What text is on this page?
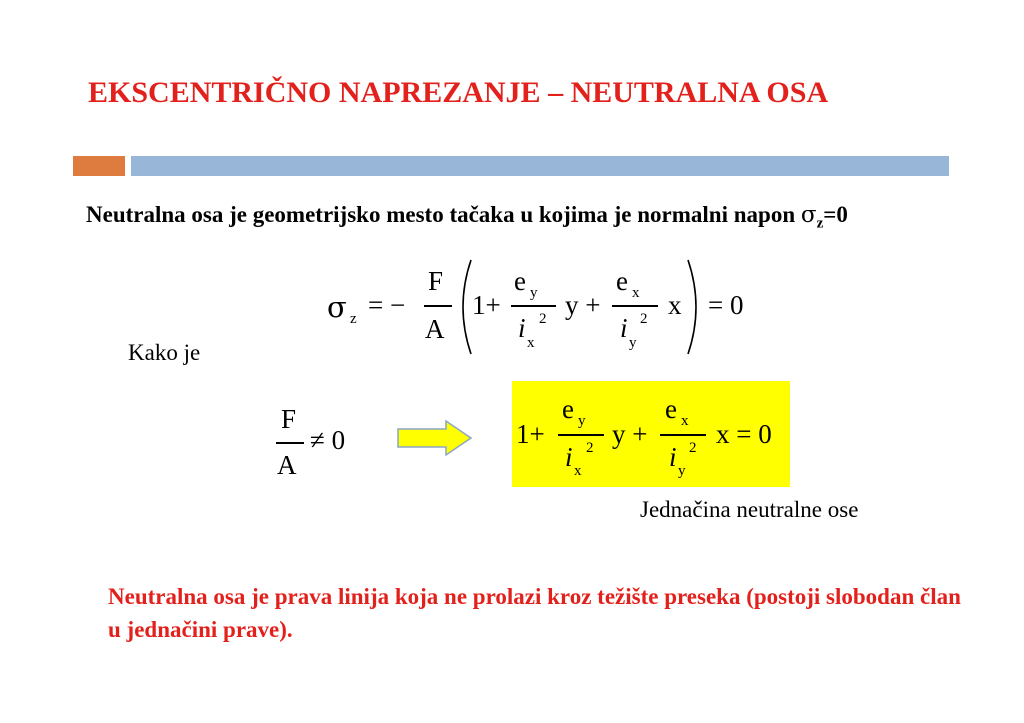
EKSCENTRIČNO NAPREZANJE – NEUTRALNA OSA
Neutralna osa je geometrijsko mesto tačaka u kojima je normalni napon $\sigma_z=0$
σ z = −
F
A
1+
e y
i 2
x
y +
e x
i 2
y
x = 0
Kako je
F
A
≠ 0	1+
e y
i 2
x
y +
e x
i 2
y
x = 0
Jednačina neutralne ose
Neutralna osa je prava linija koja ne prolazi kroz težište preseka (postoji slobodan član u jednačini prave).
